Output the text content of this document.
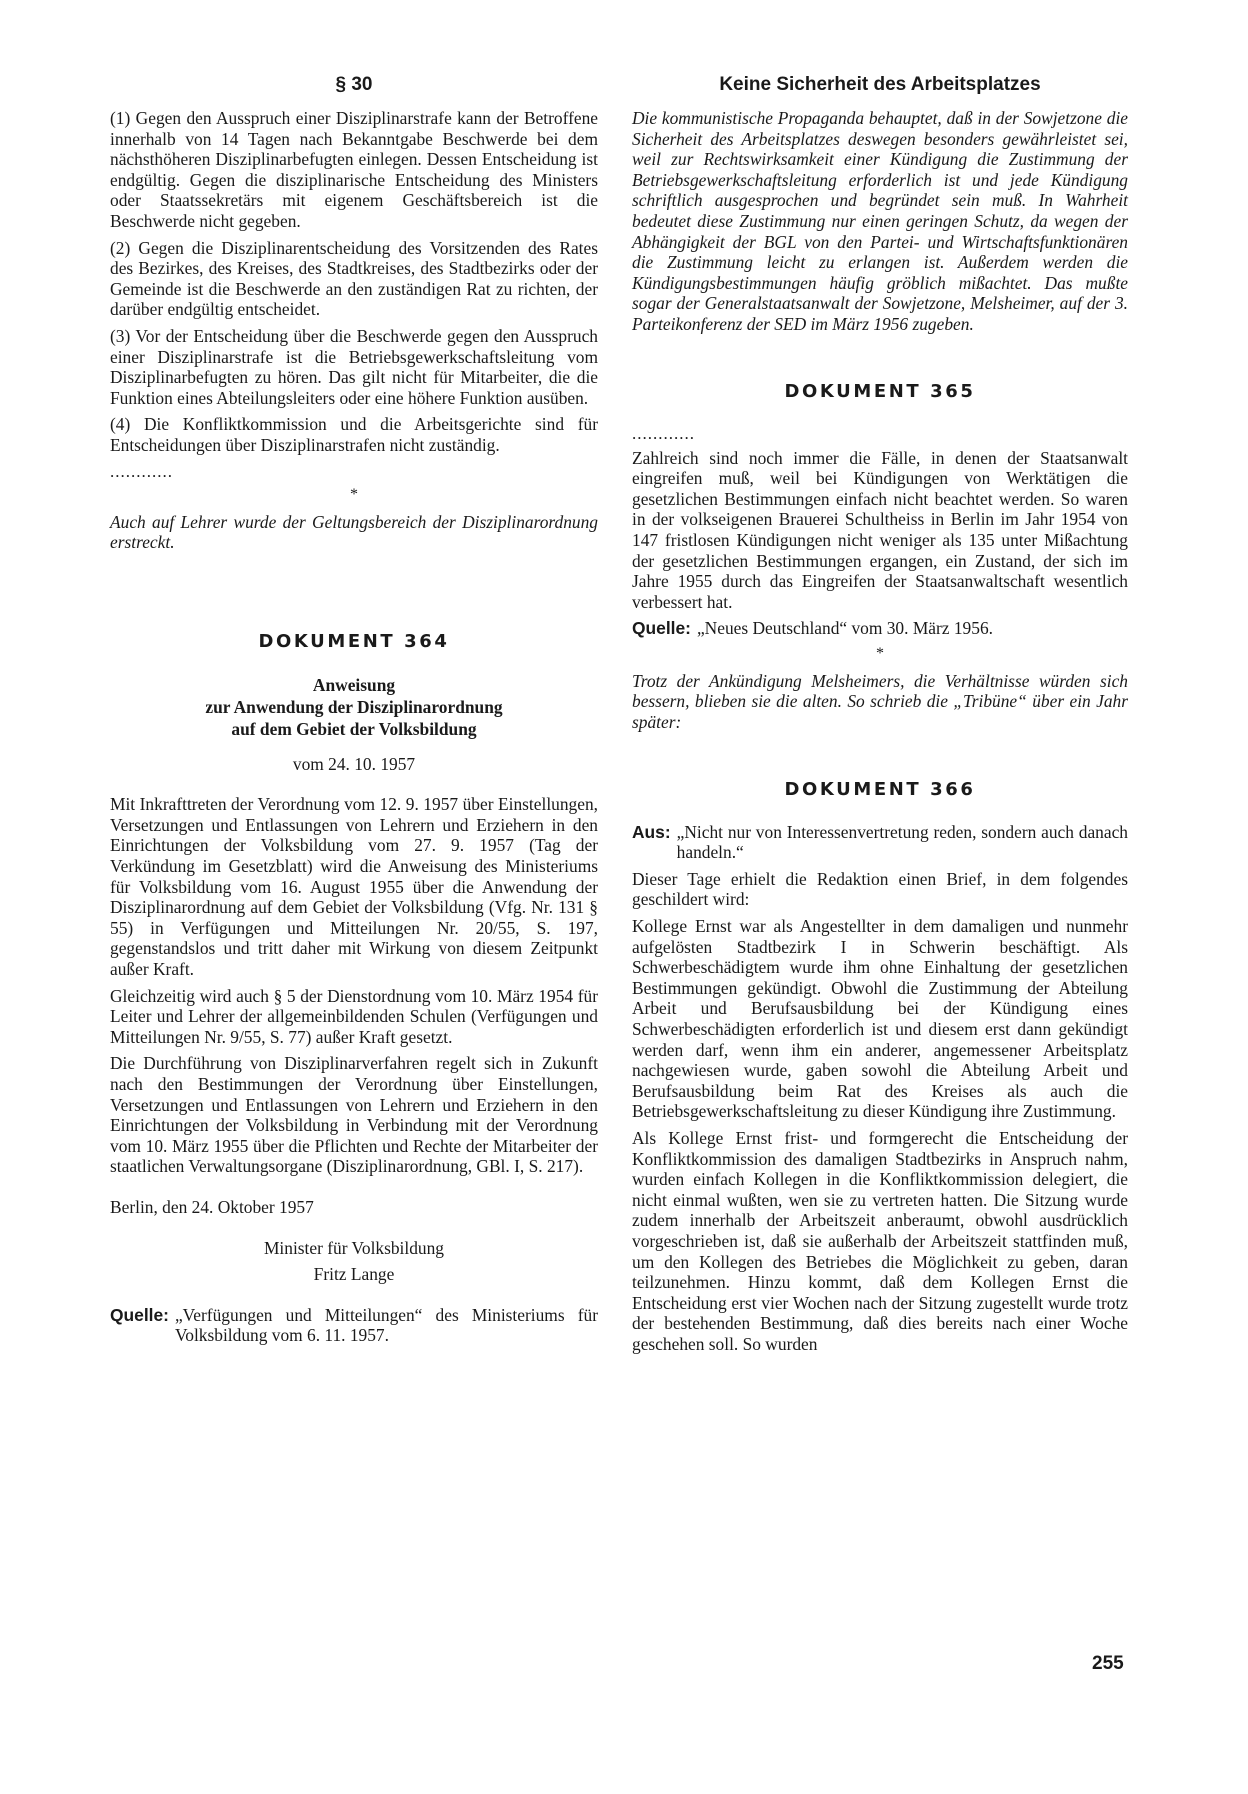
§ 30

(1) Gegen den Ausspruch einer Disziplinarstrafe kann der Betroffene innerhalb von 14 Tagen nach Bekanntgabe Beschwerde bei dem nächsthöheren Disziplinarbefugten einlegen. Dessen Entscheidung ist endgültig. Gegen die disziplinarische Entscheidung des Ministers oder Staatssekretärs mit eigenem Geschäftsbereich ist die Beschwerde nicht gegeben.

(2) Gegen die Disziplinarentscheidung des Vorsitzenden des Rates des Bezirkes, des Kreises, des Stadtkreises, des Stadtbezirks oder der Gemeinde ist die Beschwerde an den zuständigen Rat zu richten, der darüber endgültig entscheidet.

(3) Vor der Entscheidung über die Beschwerde gegen den Ausspruch einer Disziplinarstrafe ist die Betriebsgewerkschaftsleitung vom Disziplinarbefugten zu hören. Das gilt nicht für Mitarbeiter, die die Funktion eines Abteilungsleiters oder eine höhere Funktion ausüben.

(4) Die Konfliktkommission und die Arbeitsgerichte sind für Entscheidungen über Disziplinarstrafen nicht zuständig.

............
*

Auch auf Lehrer wurde der Geltungsbereich der Disziplinarordnung erstreckt.

DOKUMENT 364
Anweisung
zur Anwendung der Disziplinarordnung
auf dem Gebiet der Volksbildung

vom 24. 10. 1957

Mit Inkrafttreten der Verordnung vom 12. 9. 1957 über Einstellungen, Versetzungen und Entlassungen von Lehrern und Erziehern in den Einrichtungen der Volksbildung vom 27. 9. 1957 (Tag der Verkündung im Gesetzblatt) wird die Anweisung des Ministeriums für Volksbildung vom 16. August 1955 über die Anwendung der Disziplinarordnung auf dem Gebiet der Volksbildung (Vfg. Nr. 131 § 55) in Verfügungen und Mitteilungen Nr. 20/55, S. 197, gegenstandslos und tritt daher mit Wirkung von diesem Zeitpunkt außer Kraft.

Gleichzeitig wird auch § 5 der Dienstordnung vom 10. März 1954 für Leiter und Lehrer der allgemeinbildenden Schulen (Verfügungen und Mitteilungen Nr. 9/55, S. 77) außer Kraft gesetzt.

Die Durchführung von Disziplinarverfahren regelt sich in Zukunft nach den Bestimmungen der Verordnung über Einstellungen, Versetzungen und Entlassungen von Lehrern und Erziehern in den Einrichtungen der Volksbildung in Verbindung mit der Verordnung vom 10. März 1955 über die Pflichten und Rechte der Mitarbeiter der staatlichen Verwaltungsorgane (Disziplinarordnung, GBl. I, S. 217).

Berlin, den 24. Oktober 1957

Minister für Volksbildung

Fritz Lange

Quelle: „Verfügungen und Mitteilungen“ des Ministeriums für Volksbildung vom 6. 11. 1957.
Keine Sicherheit des Arbeitsplatzes

Die kommunistische Propaganda behauptet, daß in der Sowjetzone die Sicherheit des Arbeitsplatzes deswegen besonders gewährleistet sei, weil zur Rechtswirksamkeit einer Kündigung die Zustimmung der Betriebsgewerkschaftsleitung erforderlich ist und jede Kündigung schriftlich ausgesprochen und begründet sein muß. In Wahrheit bedeutet diese Zustimmung nur einen geringen Schutz, da wegen der Abhängigkeit der BGL von den Partei- und Wirtschaftsfunktionären die Zustimmung leicht zu erlangen ist. Außerdem werden die Kündigungsbestimmungen häufig gröblich mißachtet. Das mußte sogar der Generalstaatsanwalt der Sowjetzone, Melsheimer, auf der 3. Parteikonferenz der SED im März 1956 zugeben.

DOKUMENT 365
............

Zahlreich sind noch immer die Fälle, in denen der Staatsanwalt eingreifen muß, weil bei Kündigungen von Werktätigen die gesetzlichen Bestimmungen einfach nicht beachtet werden. So waren in der volkseigenen Brauerei Schultheiss in Berlin im Jahr 1954 von 147 fristlosen Kündigungen nicht weniger als 135 unter Mißachtung der gesetzlichen Bestimmungen ergangen, ein Zustand, der sich im Jahre 1955 durch das Eingreifen der Staatsanwaltschaft wesentlich verbessert hat.

Quelle: „Neues Deutschland“ vom 30. März 1956.
*

Trotz der Ankündigung Melsheimers, die Verhältnisse würden sich bessern, blieben sie die alten. So schrieb die „Tribüne“ über ein Jahr später:

DOKUMENT 366
Aus: „Nicht nur von Interessenvertretung reden, sondern auch danach handeln.“

Dieser Tage erhielt die Redaktion einen Brief, in dem folgendes geschildert wird:

Kollege Ernst war als Angestellter in dem damaligen und nunmehr aufgelösten Stadtbezirk I in Schwerin beschäftigt. Als Schwerbeschädigtem wurde ihm ohne Einhaltung der gesetzlichen Bestimmungen gekündigt. Obwohl die Zustimmung der Abteilung Arbeit und Berufsausbildung bei der Kündigung eines Schwerbeschädigten erforderlich ist und diesem erst dann gekündigt werden darf, wenn ihm ein anderer, angemessener Arbeitsplatz nachgewiesen wurde, gaben sowohl die Abteilung Arbeit und Berufsausbildung beim Rat des Kreises als auch die Betriebsgewerkschaftsleitung zu dieser Kündigung ihre Zustimmung.

Als Kollege Ernst frist- und formgerecht die Entscheidung der Konfliktkommission des damaligen Stadtbezirks in Anspruch nahm, wurden einfach Kollegen in die Konfliktkommission delegiert, die nicht einmal wußten, wen sie zu vertreten hatten. Die Sitzung wurde zudem innerhalb der Arbeitszeit anberaumt, obwohl ausdrücklich vorgeschrieben ist, daß sie außerhalb der Arbeitszeit stattfinden muß, um den Kollegen des Betriebes die Möglichkeit zu geben, daran teilzunehmen. Hinzu kommt, daß dem Kollegen Ernst die Entscheidung erst vier Wochen nach der Sitzung zugestellt wurde trotz der bestehenden Bestimmung, daß dies bereits nach einer Woche geschehen soll. So wurden

255
